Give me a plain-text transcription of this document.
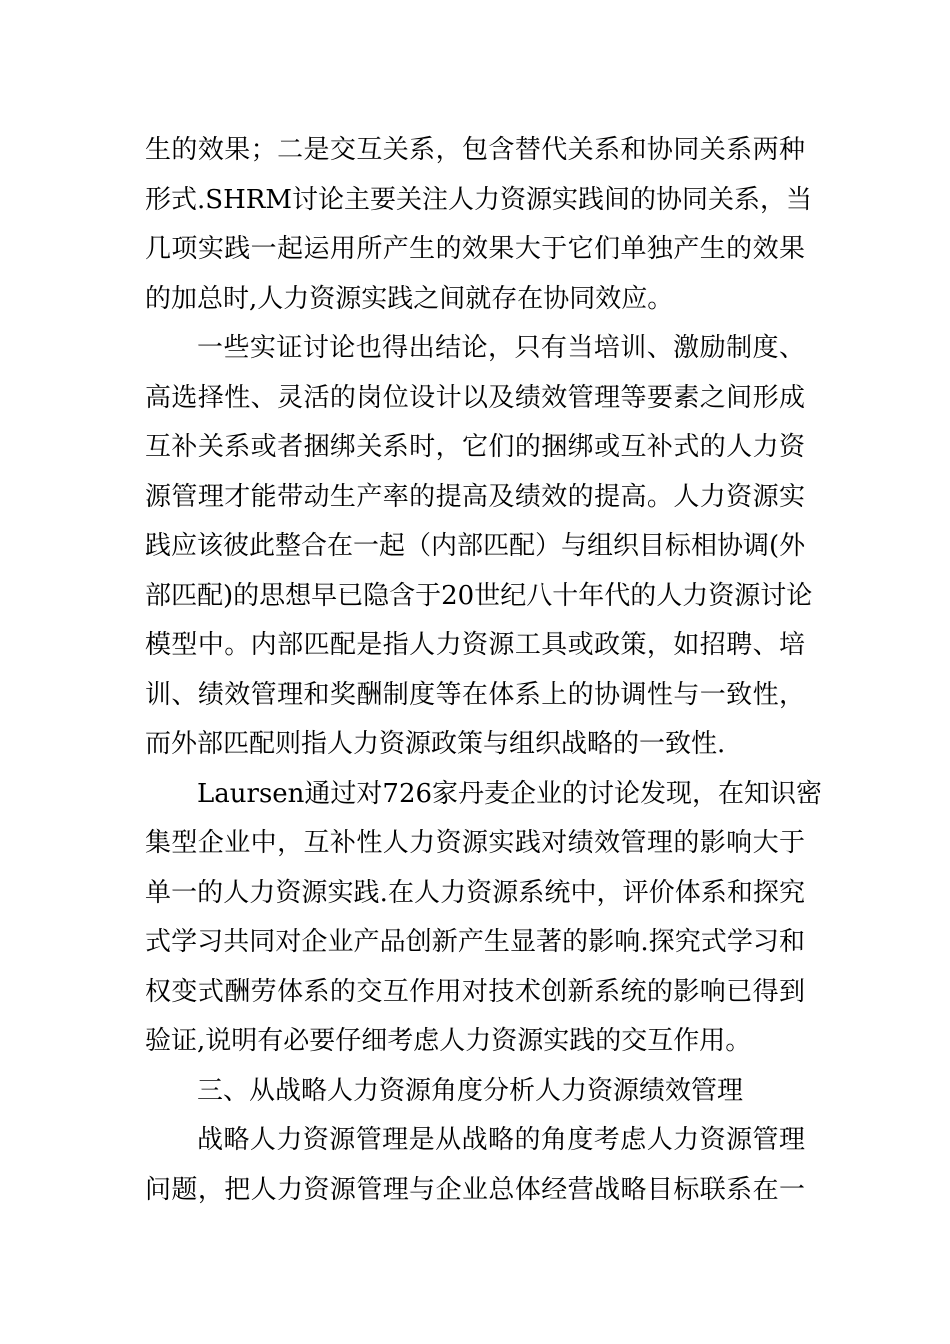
生的效果；二是交互关系，包含替代关系和协同关系两种
形式.SHRM讨论主要关注人力资源实践间的协同关系，当
几项实践一起运用所产生的效果大于它们单独产生的效果
的加总时,人力资源实践之间就存在协同效应。
一些实证讨论也得出结论，只有当培训、激励制度、
高选择性、灵活的岗位设计以及绩效管理等要素之间形成
互补关系或者捆绑关系时，它们的捆绑或互补式的人力资
源管理才能带动生产率的提高及绩效的提高。人力资源实
践应该彼此整合在一起（内部匹配）与组织目标相协调(外
部匹配)的思想早已隐含于20世纪八十年代的人力资源讨论
模型中。内部匹配是指人力资源工具或政策，如招聘、培
训、绩效管理和奖酬制度等在体系上的协调性与一致性，
而外部匹配则指人力资源政策与组织战略的一致性.
Laursen通过对726家丹麦企业的讨论发现，在知识密
集型企业中，互补性人力资源实践对绩效管理的影响大于
单一的人力资源实践.在人力资源系统中，评价体系和探究
式学习共同对企业产品创新产生显著的影响.探究式学习和
权变式酬劳体系的交互作用对技术创新系统的影响已得到
验证,说明有必要仔细考虑人力资源实践的交互作用。
三、从战略人力资源角度分析人力资源绩效管理
战略人力资源管理是从战略的角度考虑人力资源管理
问题，把人力资源管理与企业总体经营战略目标联系在一
